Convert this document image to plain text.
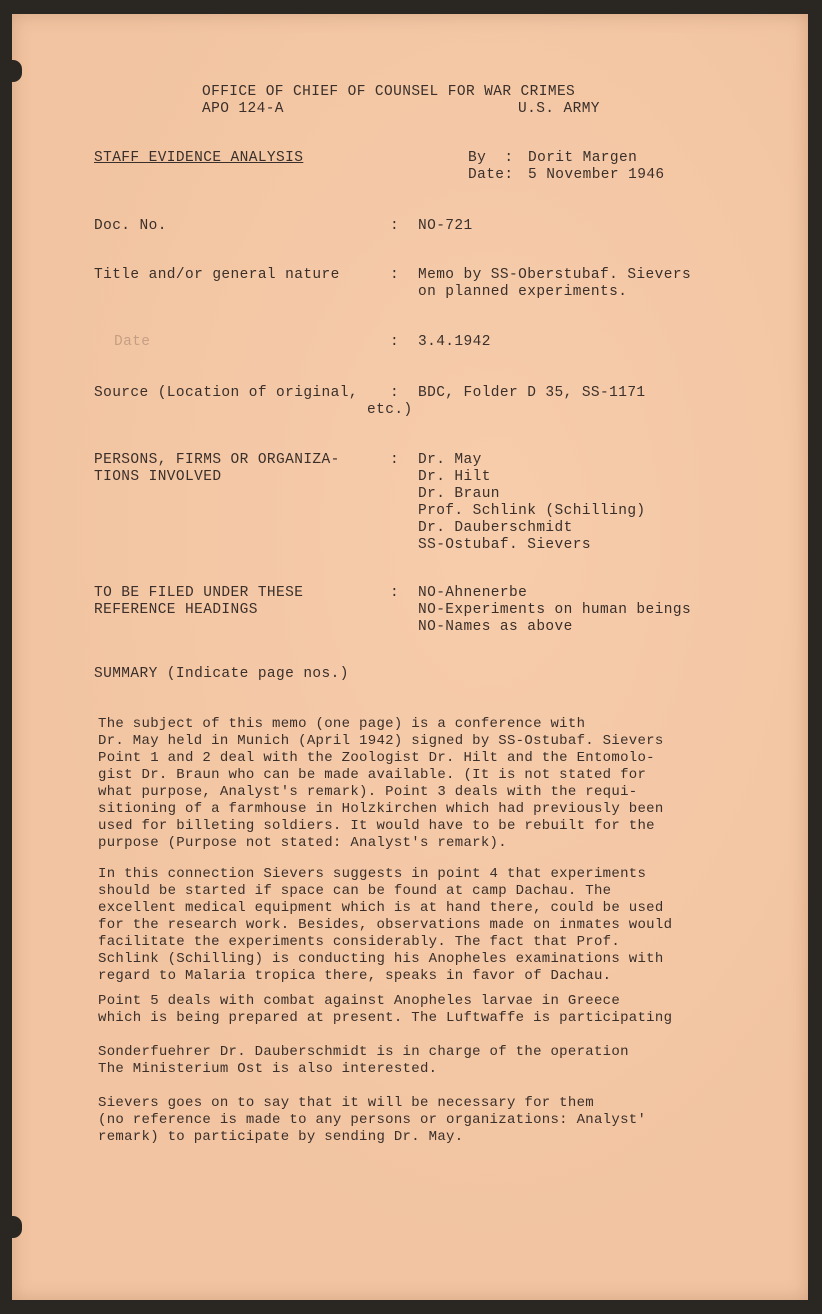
OFFICE OF CHIEF OF COUNSEL FOR WAR CRIMES
APO 124-A	U.S. ARMY
STAFF EVIDENCE ANALYSIS	By  : Dorit Margen
Date: 5 November 1946
Doc. No.	: NO-721
Title and/or general nature	: Memo by SS-Oberstubaf. Sievers
on planned experiments.
Date	: 3.4.1942
Source (Location of original,
etc.)
: BDC, Folder D 35, SS-1171
PERSONS, FIRMS OR ORGANIZA-
TIONS INVOLVED
: Dr. May
Dr. Hilt
Dr. Braun
Prof. Schlink (Schilling)
Dr. Dauberschmidt
SS-Ostubaf. Sievers
TO BE FILED UNDER THESE
REFERENCE HEADINGS
: NO-Ahnenerbe
NO-Experiments on human beings
NO-Names as above
SUMMARY (Indicate page nos.)
The subject of this memo (one page) is a conference with
Dr. May held in Munich (April 1942) signed by SS-Ostubaf. Sievers
Point 1 and 2 deal with the Zoologist Dr. Hilt and the Entomolo-
gist Dr. Braun who can be made available. (It is not stated for
what purpose, Analyst's remark). Point 3 deals with the requi-
sitioning of a farmhouse in Holzkirchen which had previously been
used for billeting soldiers. It would have to be rebuilt for the
purpose (Purpose not stated: Analyst's remark).
In this connection Sievers suggests in point 4 that experiments
should be started if space can be found at camp Dachau. The
excellent medical equipment which is at hand there, could be used
for the research work. Besides, observations made on inmates would
facilitate the experiments considerably. The fact that Prof.
Schlink (Schilling) is conducting his Anopheles examinations with
regard to Malaria tropica there, speaks in favor of Dachau.
Point 5 deals with combat against Anopheles larvae in Greece
which is being prepared at present. The Luftwaffe is participating
Sonderfuehrer Dr. Dauberschmidt is in charge of the operation
The Ministerium Ost is also interested.
Sievers goes on to say that it will be necessary for them
(no reference is made to any persons or organizations: Analyst'
remark) to participate by sending Dr. May.
